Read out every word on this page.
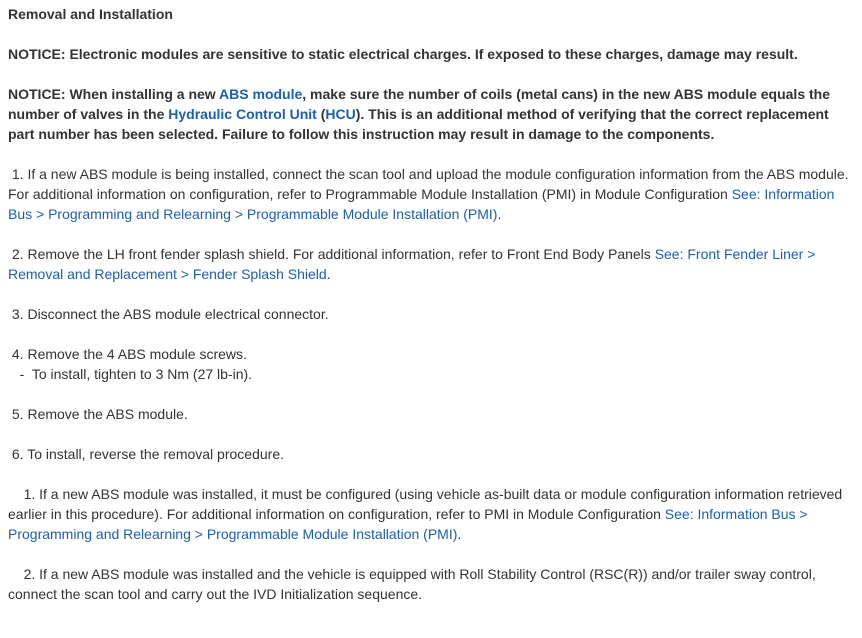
Removal and Installation

NOTICE: Electronic modules are sensitive to static electrical charges. If exposed to these charges, damage may result.

NOTICE: When installing a new ABS module, make sure the number of coils (metal cans) in the new ABS module equals the number of valves in the Hydraulic Control Unit (HCU). This is an additional method of verifying that the correct replacement part number has been selected. Failure to follow this instruction may result in damage to the components.

1. If a new ABS module is being installed, connect the scan tool and upload the module configuration information from the ABS module. For additional information on configuration, refer to Programmable Module Installation (PMI) in Module Configuration See: Information Bus > Programming and Relearning > Programmable Module Installation (PMI).

2. Remove the LH front fender splash shield. For additional information, refer to Front End Body Panels See: Front Fender Liner > Removal and Replacement > Fender Splash Shield.

3. Disconnect the ABS module electrical connector.

4. Remove the 4 ABS module screws.

-  To install, tighten to 3 Nm (27 lb-in).

5. Remove the ABS module.

6. To install, reverse the removal procedure.

1. If a new ABS module was installed, it must be configured (using vehicle as-built data or module configuration information retrieved earlier in this procedure). For additional information on configuration, refer to PMI in Module Configuration See: Information Bus > Programming and Relearning > Programmable Module Installation (PMI).

2. If a new ABS module was installed and the vehicle is equipped with Roll Stability Control (RSC(R)) and/or trailer sway control, connect the scan tool and carry out the IVD Initialization sequence.
